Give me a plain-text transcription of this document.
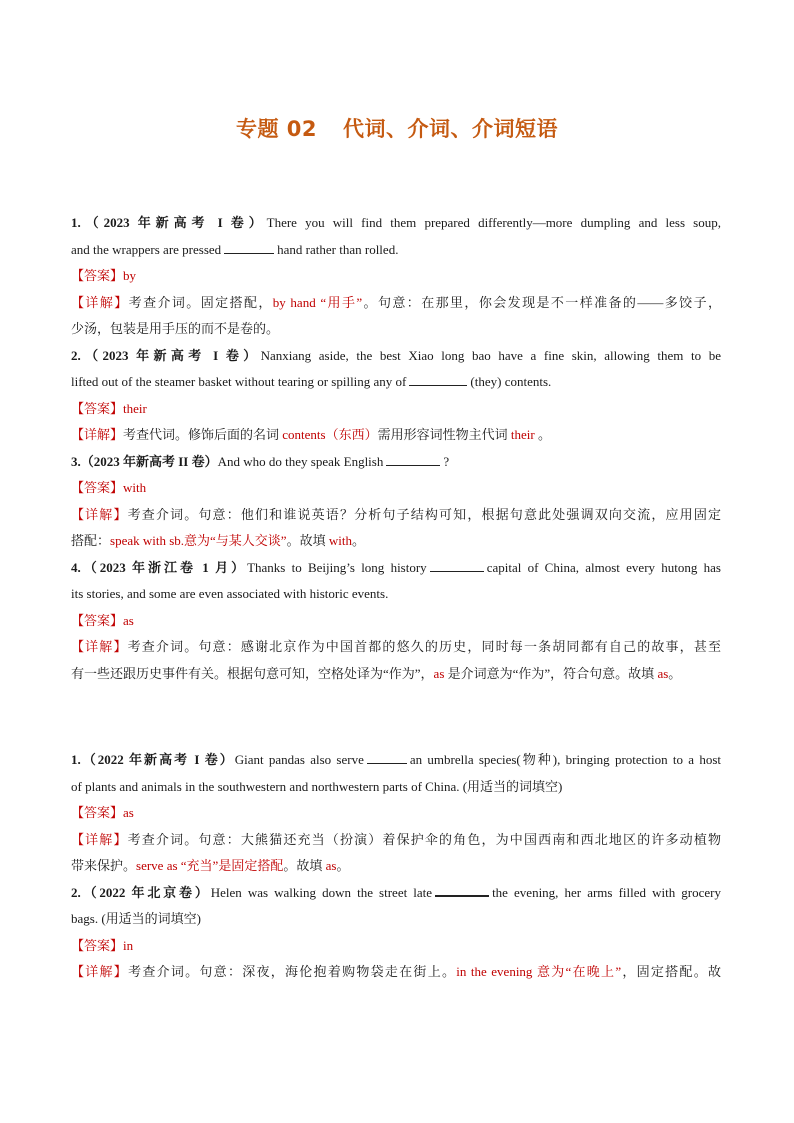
专题 02 代词、介词、介词短语
1.（2023 年新高考 I 卷）There you will find them prepared differently—more dumpling and less soup,
and the wrappers are pressed	hand rather than rolled.
【答案】by
【详解】考查介词。固定搭配，by hand “用手”。句意：在那里，你会发现是不一样准备的——多饺子，
少汤，包装是用手压的而不是卷的。
2.（2023 年新高考 I 卷）Nanxiang aside, the best Xiao long bao have a fine skin, allowing them to be
lifted out of the steamer basket without tearing or spilling any of	(they) contents.
【答案】their
【详解】考查代词。修饰后面的名词 contents（东西）需用形容词性物主代词 their 。
3.（2023 年新高考 II 卷）And who do they speak English	?
【答案】with
【详解】考查介词。句意：他们和谁说英语？分析句子结构可知，根据句意此处强调双向交流，应用固定
搭配：speak with sb.意为“与某人交谈”。故填 with。
4.（2023 年浙江卷 1 月）Thanks to Beijing’s long history	capital of China, almost every hutong has
its stories, and some are even associated with historic events.
【答案】as
【详解】考查介词。句意：感谢北京作为中国首都的悠久的历史，同时每一条胡同都有自己的故事，甚至
有一些还跟历史事件有关。根据句意可知，空格处译为“作为”，as 是介词意为“作为”，符合句意。故填 as。
1.（2022 年新高考 I 卷）Giant pandas also serve	an umbrella species(物种), bringing protection to a host
of plants and animals in the southwestern and northwestern parts of China. (用适当的词填空)
【答案】as
【详解】考查介词。句意：大熊猫还充当（扮演）着保护伞的角色，为中国西南和西北地区的许多动植物
带来保护。serve as “充当”是固定搭配。故填 as。
2.（2022 年北京卷）Helen was walking down the street late	the evening, her arms filled with grocery
bags. (用适当的词填空)
【答案】in
【详解】考查介词。句意：深夜，海伦抱着购物袋走在街上。in the evening 意为“在晚上”，固定搭配。故
